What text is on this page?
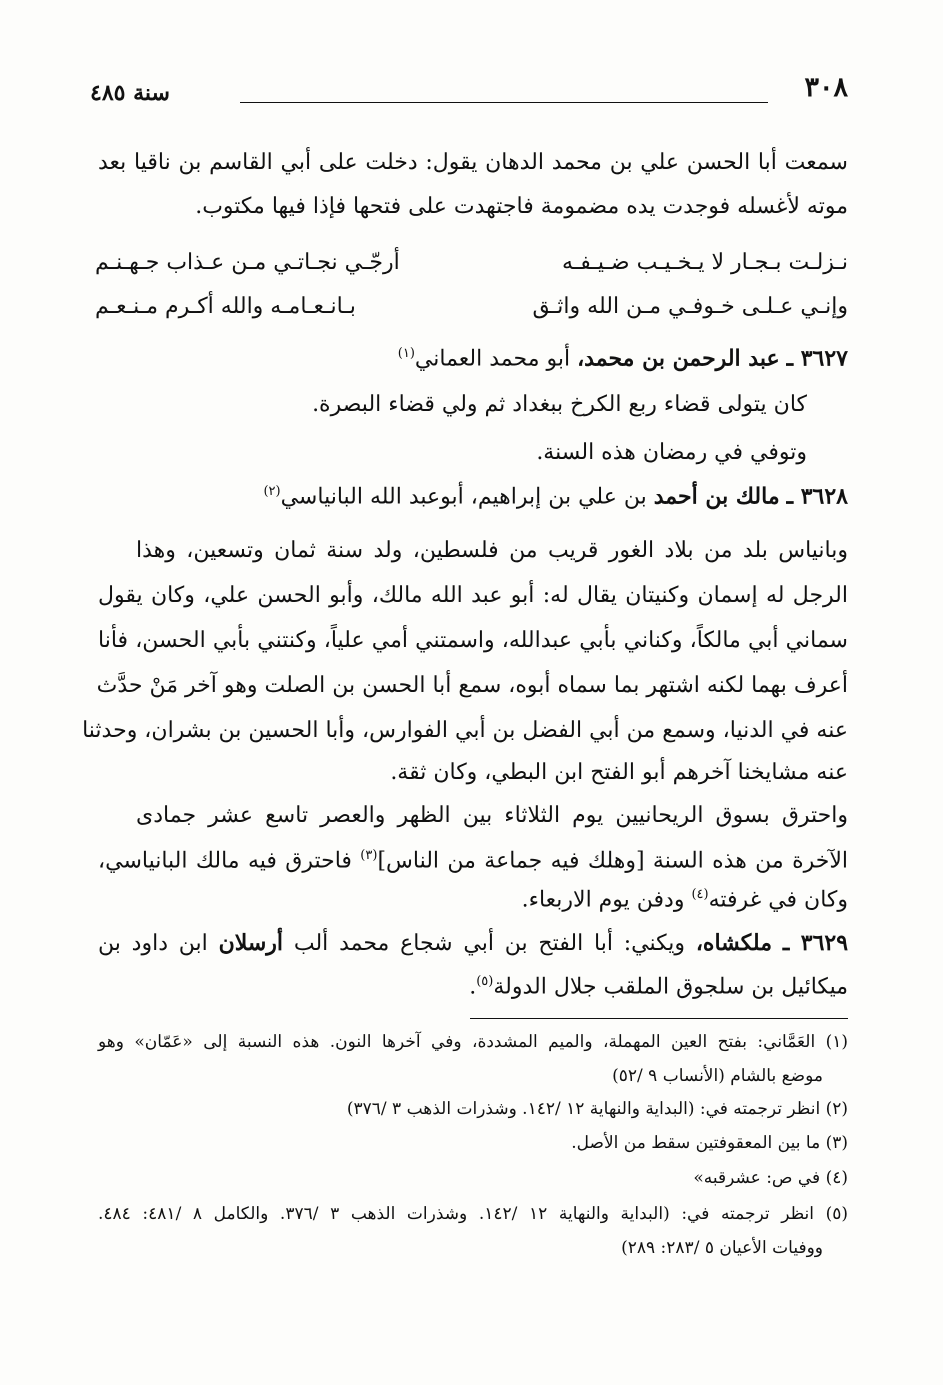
٣٠٨
سنة ٤٨٥
سمعت أبا الحسن علي بن محمد الدهان يقول: دخلت على أبي القاسم بن ناقيا بعد
موته لأغسله فوجدت يده مضمومة فاجتهدت على فتحها فإذا فيها مكتوب.
نـزلـت بـجـار لا يـخـيـب ضـيـفـه
أرجّـي نجـاتـي مـن عـذاب جـهـنـم
وإنـي عـلـى خـوفـي مـن الله واثـق
بـانـعـامـه والله أكـرم مـنـعـم
٣٦٢٧ ـ عبد الرحمن بن محمد، أبو محمد العماني$^{(١)}$
كان يتولى قضاء ربع الكرخ ببغداد ثم ولي قضاء البصرة.
وتوفي في رمضان هذه السنة.
٣٦٢٨ ـ مالك بن أحمد بن علي بن إبراهيم، أبوعبد الله البانياسي$^{(٢)}$
وبانياس بلد من بلاد الغور قريب من فلسطين، ولد سنة ثمان وتسعين، وهذا
الرجل له إسمان وكنيتان يقال له: أبو عبد الله مالك، وأبو الحسن علي، وكان يقول
سماني أبي مالكاً، وكناني بأبي عبدالله، واسمتني أمي علياً، وكنتني بأبي الحسن، فأنا
أعرف بهما لكنه اشتهر بما سماه أبوه، سمع أبا الحسن بن الصلت وهو آخر مَنْ حدَّث
عنه في الدنيا، وسمع من أبي الفضل بن أبي الفوارس، وأبا الحسين بن بشران، وحدثنا
عنه مشايخنا آخرهم أبو الفتح ابن البطي، وكان ثقة.
واحترق بسوق الريحانيين يوم الثلاثاء بين الظهر والعصر تاسع عشر جمادى
الآخرة من هذه السنة [وهلك فيه جماعة من الناس]$^{(٣)}$ فاحترق فيه مالك البانياسي،
وكان في غرفته$^{(٤)}$ ودفن يوم الاربعاء.
٣٦٢٩ ـ ملكشاه، ويكني: أبا الفتح بن أبي شجاع محمد ألب أرسلان ابن داود بن
ميكائيل بن سلجوق الملقب جلال الدولة$^{(٥)}$.
(١) العَمَّاني: بفتح العين المهملة، والميم المشددة، وفي آخرها النون. هذه النسبة إلى «عَمّان» وهو
موضع بالشام (الأنساب ٩ /٥٢)
(٢) انظر ترجمته في: (البداية والنهاية ١٢ /١٤٢. وشذرات الذهب ٣ /٣٧٦)
(٣) ما بين المعقوفتين سقط من الأصل.
(٤) في ص: عشرقبه»
(٥) انظر ترجمته في: (البداية والنهاية ١٢ /١٤٢. وشذرات الذهب ٣ /٣٧٦. والكامل ٨ /٤٨١: ٤٨٤.
ووفيات الأعيان ٥ /٢٨٣: ٢٨٩)
